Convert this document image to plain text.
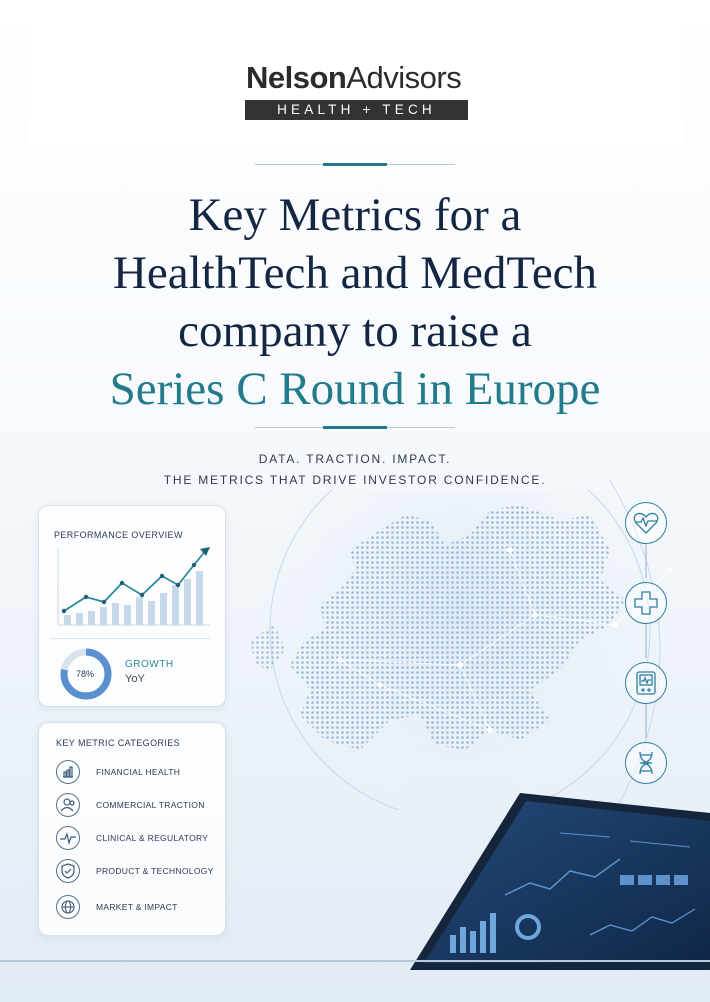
NelsonAdvisors
HEALTH + TECH
Key Metrics for a
HealthTech and MedTech
company to raise a
Series C Round in Europe
DATA. TRACTION. IMPACT.
THE METRICS THAT DRIVE INVESTOR CONFIDENCE.
PERFORMANCE OVERVIEW
78%
GROWTH
YoY
KEY METRIC CATEGORIES
FINANCIAL HEALTH
COMMERCIAL TRACTION
CLINICAL & REGULATORY
PRODUCT & TECHNOLOGY
MARKET & IMPACT
